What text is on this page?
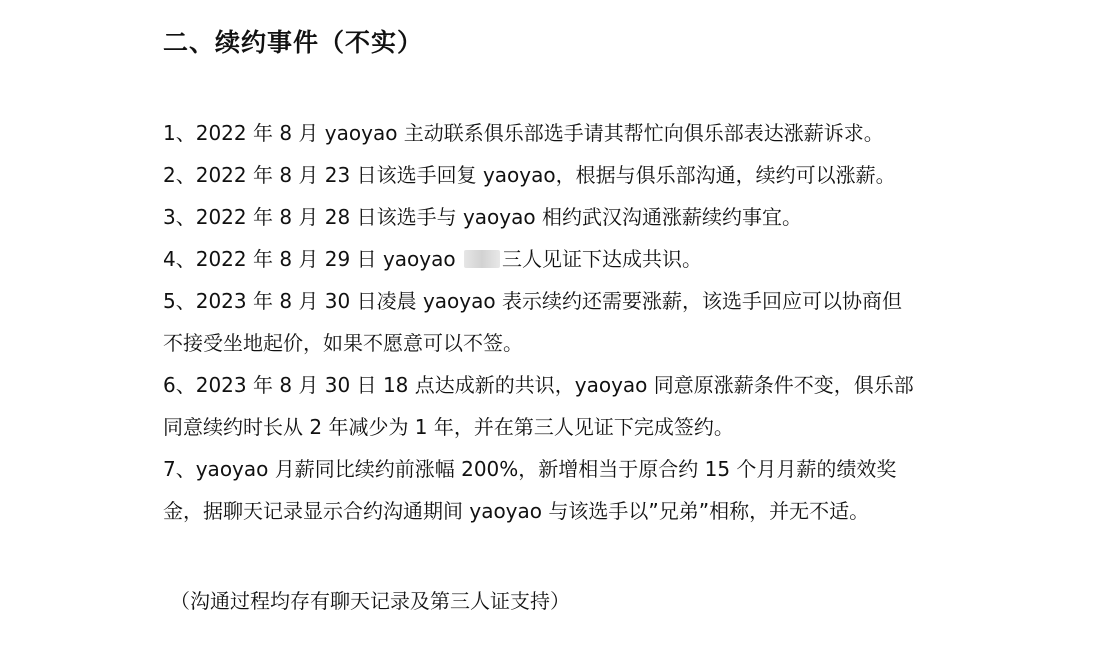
二、续约事件（不实）
1、2022 年 8 月 yaoyao 主动联系俱乐部选手请其帮忙向俱乐部表达涨薪诉求。
2、2022 年 8 月 23 日该选手回复 yaoyao，根据与俱乐部沟通，续约可以涨薪。
3、2022 年 8 月 28 日该选手与 yaoyao 相约武汉沟通涨薪续约事宜。
4、2022 年 8 月 29 日 yaoyao 三人见证下达成共识。
5、2023 年 8 月 30 日凌晨 yaoyao 表示续约还需要涨薪，该选手回应可以协商但
不接受坐地起价，如果不愿意可以不签。
6、2023 年 8 月 30 日 18 点达成新的共识，yaoyao 同意原涨薪条件不变，俱乐部
同意续约时长从 2 年减少为 1 年，并在第三人见证下完成签约。
7、yaoyao 月薪同比续约前涨幅 200%，新增相当于原合约 15 个月月薪的绩效奖
金，据聊天记录显示合约沟通期间 yaoyao 与该选手以”兄弟”相称，并无不适。
（沟通过程均存有聊天记录及第三人证支持）
